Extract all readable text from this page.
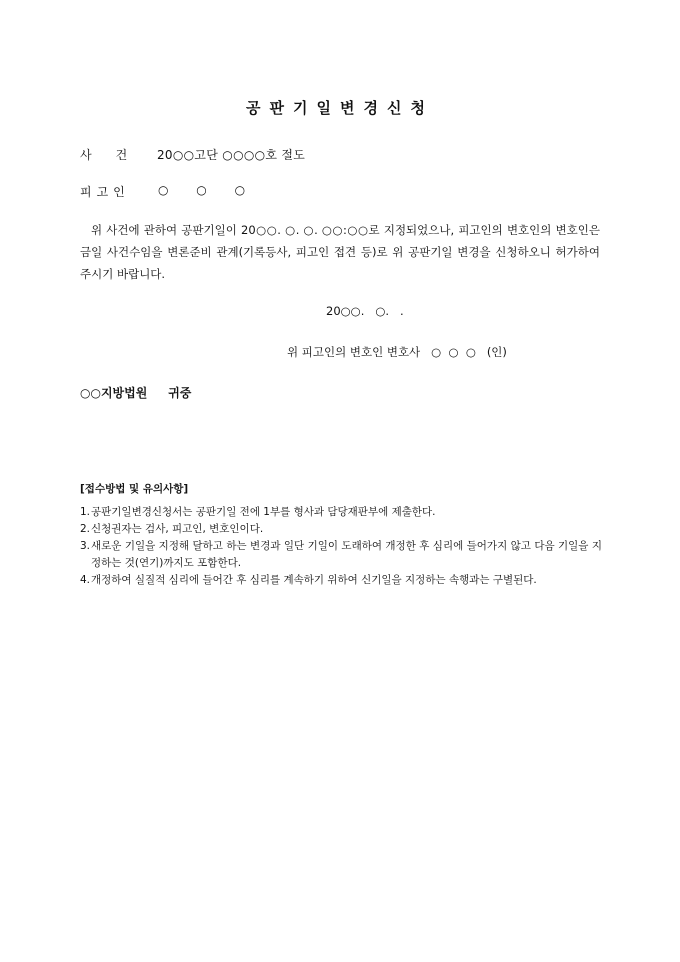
공판기일변경신청
사건 20○○고단 ○○○○호 절도
피고인 ○ ○ ○
위 사건에 관하여 공판기일이 20○○. ○. ○. ○○:○○로 지정되었으나, 피고인의 변호인의 변호인은 금일 사건수임을 변론준비 관계(기록등사, 피고인 접견 등)로 위 공판기일 변경을 신청하오니 허가하여 주시기 바랍니다.
20○○.   ○.   .
위 피고인의 변호인 변호사   ○  ○  ○   (인)
○○지방법원     귀중
[접수방법 및 유의사항]
1. 공판기일변경신청서는 공판기일 전에 1부를 형사과 담당재판부에 제출한다.
2. 신청권자는 검사, 피고인, 변호인이다.
3. 새로운 기일을 지정해 달하고 하는 변경과 일단 기일이 도래하여 개정한 후 심리에 들어가지 않고 다음 기일을 지정하는 것(연기)까지도 포함한다.
4. 개정하여 실질적 심리에 들어간 후 심리를 계속하기 위하여 신기일을 지정하는 속행과는 구별된다.
